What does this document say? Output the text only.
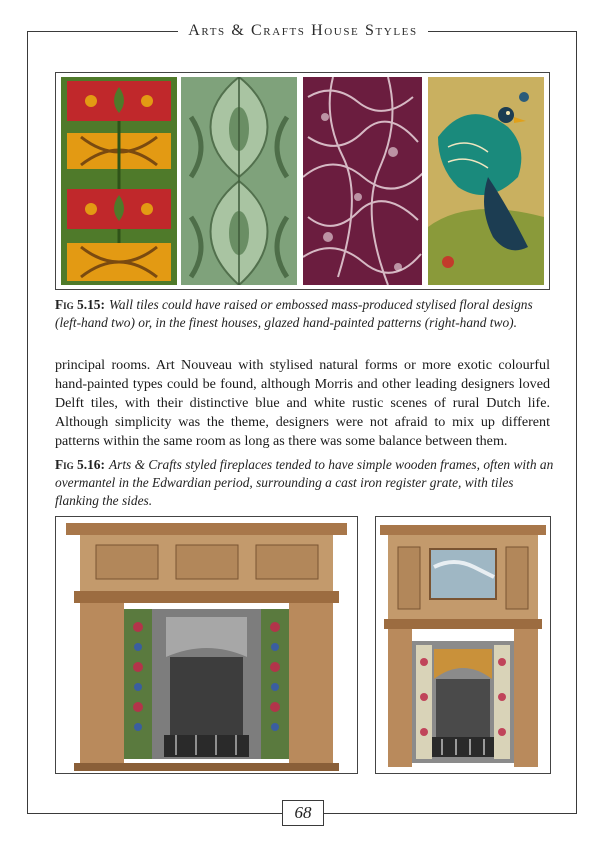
Arts & Crafts House Styles
Fig 5.15: Wall tiles could have raised or embossed mass-produced stylised floral designs (left-hand two) or, in the finest houses, glazed hand-painted patterns (right-hand two).
principal rooms. Art Nouveau with stylised natural forms or more exotic colourful hand-painted types could be found, although Morris and other leading designers loved Delft tiles, with their distinctive blue and white rustic scenes of rural Dutch life. Although simplicity was the theme, designers were not afraid to mix up different patterns within the same room as long as there was some balance between them.
Fig 5.16: Arts & Crafts styled fireplaces tended to have simple wooden frames, often with an overmantel in the Edwardian period, surrounding a cast iron register grate, with tiles flanking the sides.
68
